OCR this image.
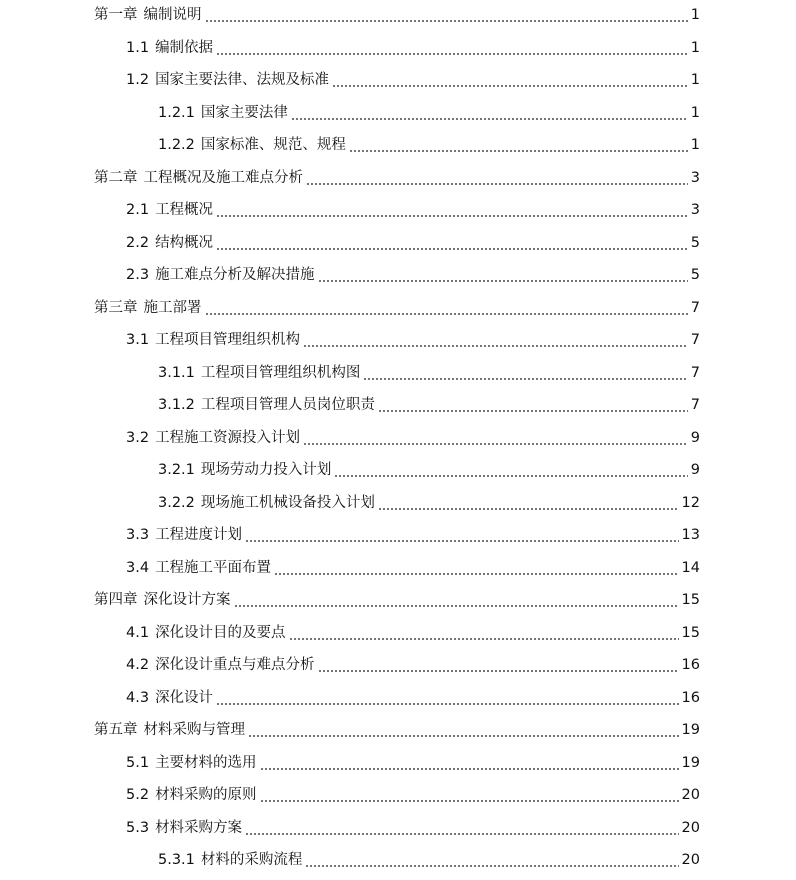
第一章 编制说明	1
1.1 编制依据	1
1.2 国家主要法律、法规及标准	1
1.2.1 国家主要法律	1
1.2.2 国家标准、规范、规程	1
第二章 工程概况及施工难点分析	3
2.1 工程概况	3
2.2 结构概况	5
2.3 施工难点分析及解决措施	5
第三章 施工部署	7
3.1 工程项目管理组织机构	7
3.1.1 工程项目管理组织机构图	7
3.1.2 工程项目管理人员岗位职责	7
3.2 工程施工资源投入计划	9
3.2.1 现场劳动力投入计划	9
3.2.2 现场施工机械设备投入计划	12
3.3 工程进度计划	13
3.4 工程施工平面布置	14
第四章 深化设计方案	15
4.1 深化设计目的及要点	15
4.2 深化设计重点与难点分析	16
4.3 深化设计	16
第五章 材料采购与管理	19
5.1 主要材料的选用	19
5.2 材料采购的原则	20
5.3 材料采购方案	20
5.3.1 材料的采购流程	20
